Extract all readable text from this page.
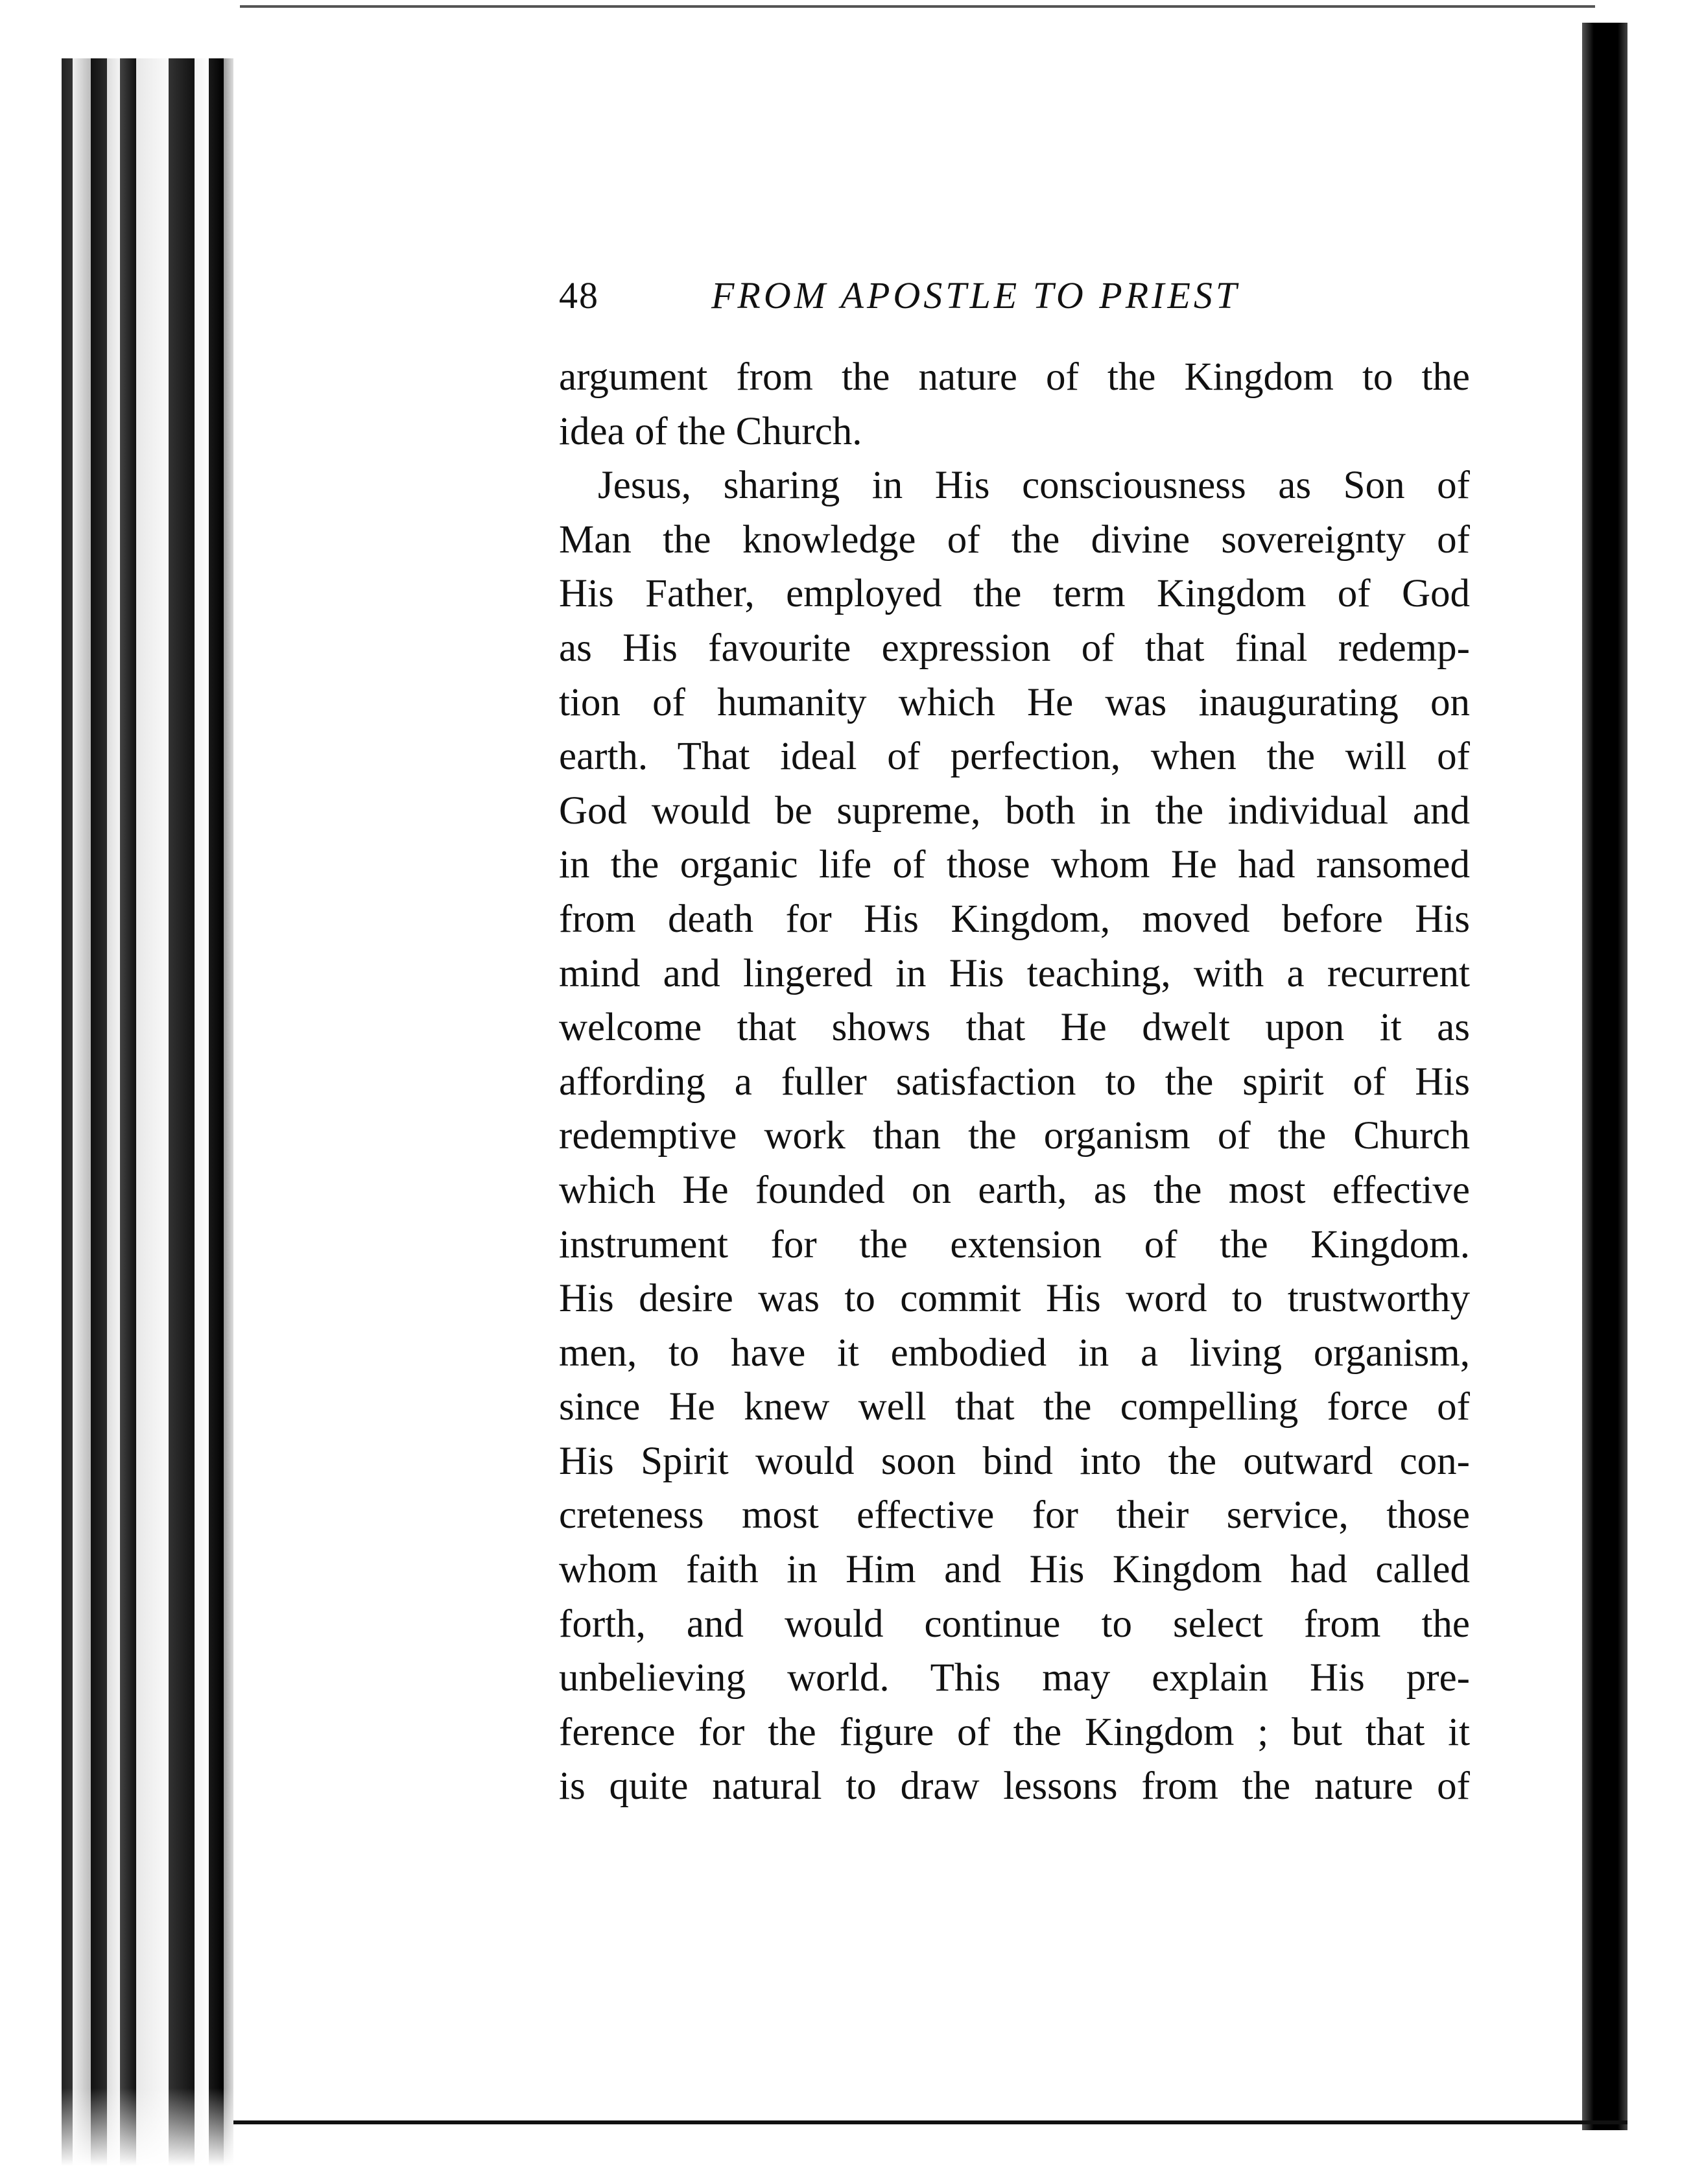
48	FROM APOSTLE TO PRIEST
argument from the nature of the Kingdom to the
idea of the Church.
Jesus, sharing in His consciousness as Son of
Man the knowledge of the divine sovereignty of
His Father, employed the term Kingdom of God
as His favourite expression of that final redemp-
tion of humanity which He was inaugurating on
earth. That ideal of perfection, when the will of
God would be supreme, both in the individual and
in the organic life of those whom He had ransomed
from death for His Kingdom, moved before His
mind and lingered in His teaching, with a recurrent
welcome that shows that He dwelt upon it as
affording a fuller satisfaction to the spirit of His
redemptive work than the organism of the Church
which He founded on earth, as the most effective
instrument for the extension of the Kingdom.
His desire was to commit His word to trustworthy
men, to have it embodied in a living organism,
since He knew well that the compelling force of
His Spirit would soon bind into the outward con-
creteness most effective for their service, those
whom faith in Him and His Kingdom had called
forth, and would continue to select from the
unbelieving world. This may explain His pre-
ference for the figure of the Kingdom ; but that it
is quite natural to draw lessons from the nature of
